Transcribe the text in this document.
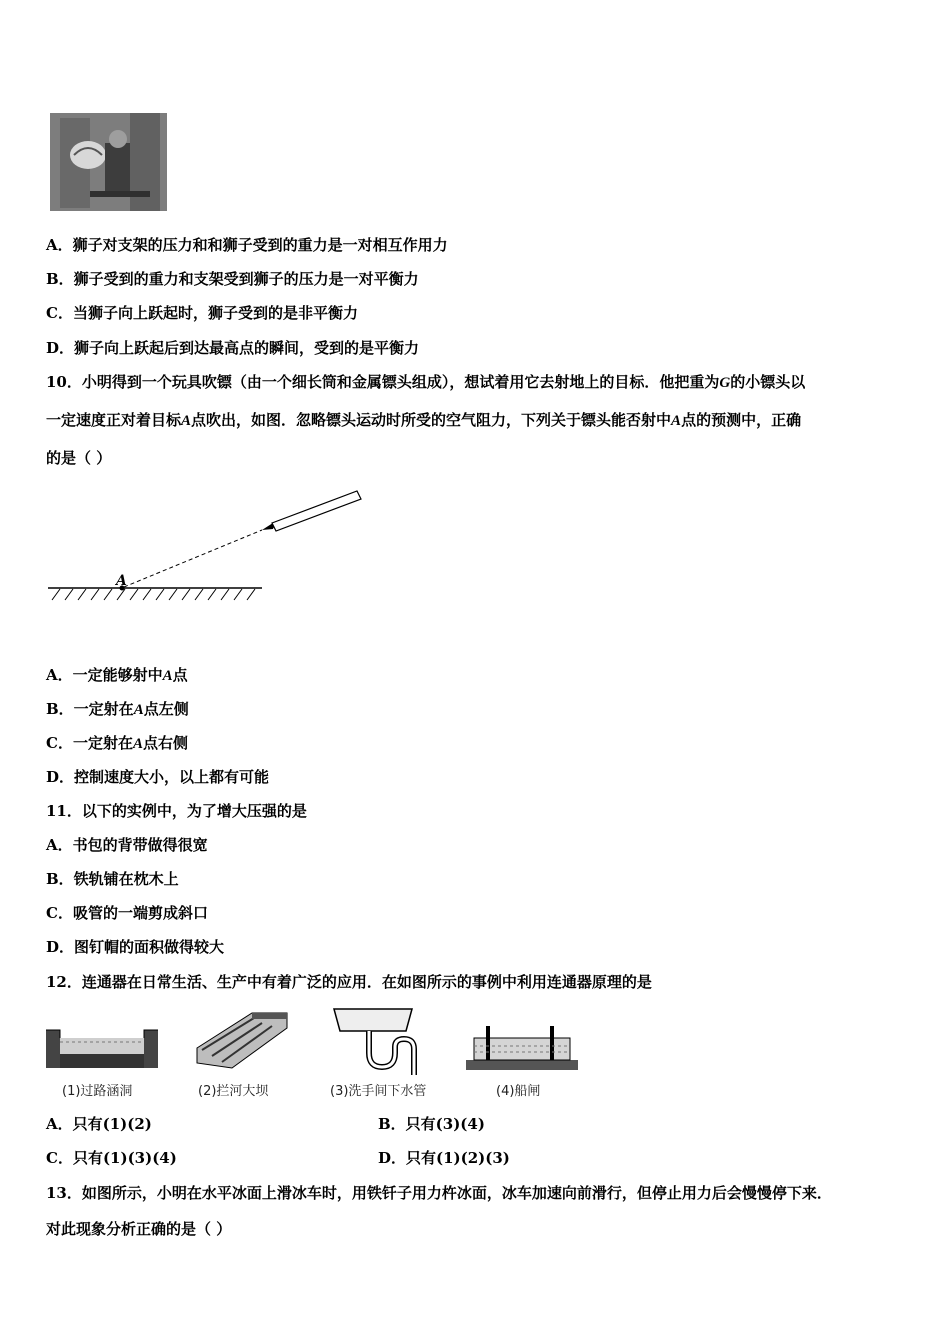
A．狮子对支架的压力和和狮子受到的重力是一对相互作用力
B．狮子受到的重力和支架受到狮子的压力是一对平衡力
C．当狮子向上跃起时，狮子受到的是非平衡力
D．狮子向上跃起后到达最高点的瞬间，受到的是平衡力
10．小明得到一个玩具吹镖（由一个细长筒和金属镖头组成），想试着用它去射地上的目标．他把重为G的小镖头以
一定速度正对着目标A点吹出，如图．忽略镖头运动时所受的空气阻力，下列关于镖头能否射中A点的预测中，正确
的是（ ）
A
A．一定能够射中A点
B．一定射在A点左侧
C．一定射在A点右侧
D．控制速度大小，以上都有可能
11．以下的实例中，为了增大压强的是
A．书包的背带做得很宽
B．铁轨铺在枕木上
C．吸管的一端剪成斜口
D．图钉帽的面积做得较大
12．连通器在日常生活、生产中有着广泛的应用．在如图所示的事例中利用连通器原理的是
(1)过路涵洞	(2)拦河大坝	(3)洗手间下水管	(4)船闸
A．只有(1)(2)	B．只有(3)(4)
C．只有(1)(3)(4)	D．只有(1)(2)(3)
13．如图所示，小明在水平冰面上滑冰车时，用铁钎子用力杵冰面，冰车加速向前滑行，但停止用力后会慢慢停下来．
对此现象分析正确的是（ ）
